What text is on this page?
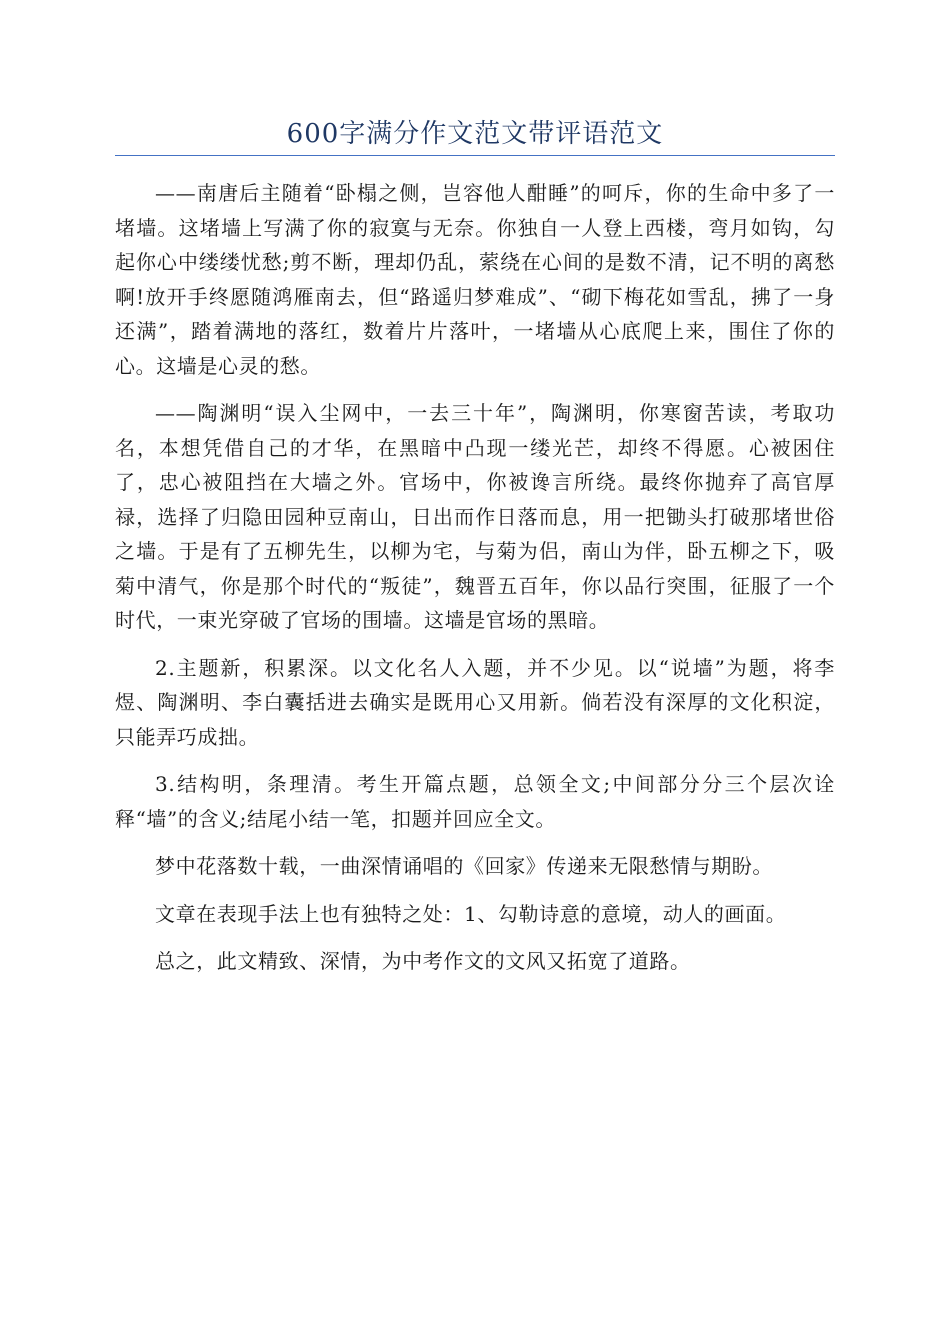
600字满分作文范文带评语范文

——南唐后主随着“卧榻之侧，岂容他人酣睡”的呵斥，你的生命中多了一堵墙。这堵墙上写满了你的寂寞与无奈。你独自一人登上西楼，弯月如钩，勾起你心中缕缕忧愁;剪不断，理却仍乱，萦绕在心间的是数不清，记不明的离愁啊!放开手终愿随鸿雁南去，但“路遥归梦难成”、“砌下梅花如雪乱，拂了一身还满”，踏着满地的落红，数着片片落叶，一堵墙从心底爬上来，围住了你的心。这墙是心灵的愁。

——陶渊明“误入尘网中，一去三十年”，陶渊明，你寒窗苦读，考取功名，本想凭借自己的才华，在黑暗中凸现一缕光芒，却终不得愿。心被困住了，忠心被阻挡在大墙之外。官场中，你被谗言所绕。最终你抛弃了高官厚禄，选择了归隐田园种豆南山，日出而作日落而息，用一把锄头打破那堵世俗之墙。于是有了五柳先生，以柳为宅，与菊为侣，南山为伴，卧五柳之下，吸菊中清气，你是那个时代的“叛徒”，魏晋五百年，你以品行突围，征服了一个时代，一束光穿破了官场的围墙。这墙是官场的黑暗。

2.主题新，积累深。以文化名人入题，并不少见。以“说墙”为题，将李煜、陶渊明、李白囊括进去确实是既用心又用新。倘若没有深厚的文化积淀，只能弄巧成拙。

3.结构明，条理清。考生开篇点题，总领全文;中间部分分三个层次诠释“墙”的含义;结尾小结一笔，扣题并回应全文。

梦中花落数十载，一曲深情诵唱的《回家》传递来无限愁情与期盼。

文章在表现手法上也有独特之处：1、勾勒诗意的意境，动人的画面。

总之，此文精致、深情，为中考作文的文风又拓宽了道路。
